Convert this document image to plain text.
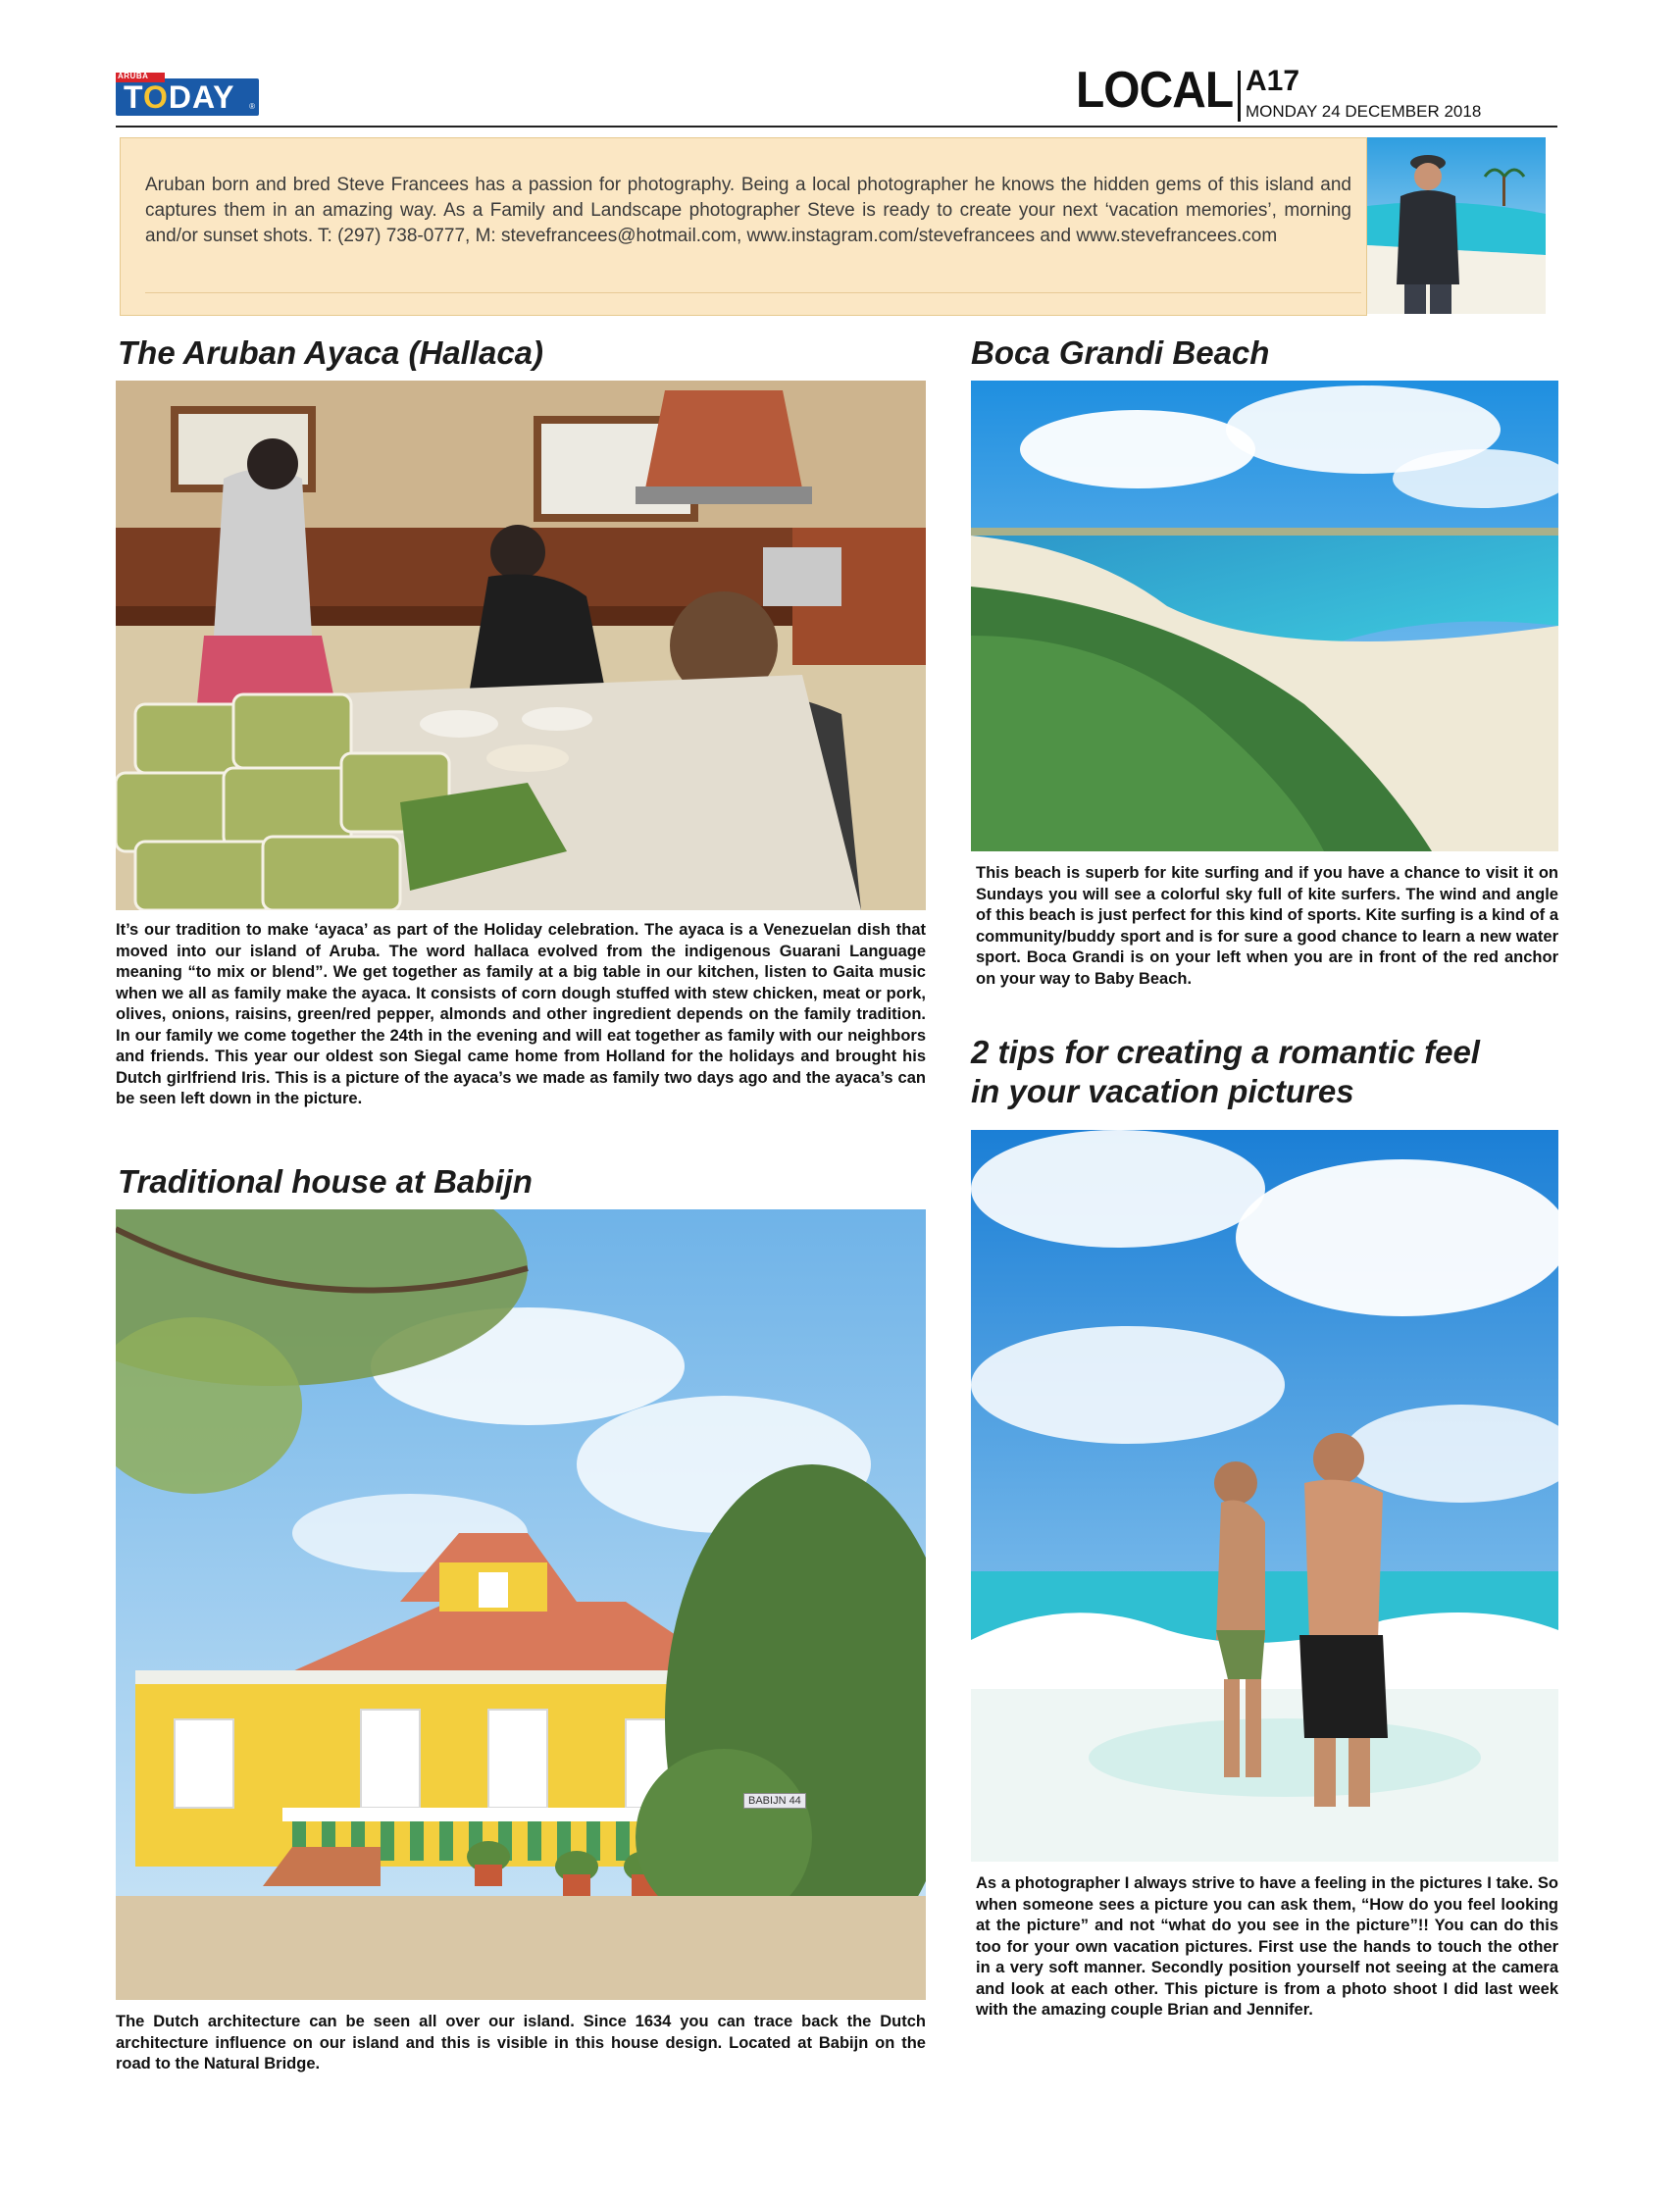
ARUBA
TODAY ®	LOCAL A17
MONDAY 24 DECEMBER 2018
Aruban born and bred Steve Francees has a passion for photography. Being a local photographer he knows the hidden gems of this island and captures them in an amazing way. As a Family and Landscape photographer Steve is ready to create your next ‘vacation memories’, morning and/or sunset shots. T: (297) 738-0777, M: stevefrancees@hotmail.com, www.instagram.com/stevefrancees and www.stevefrancees.com
The Aruban Ayaca (Hallaca)
It’s our tradition to make ‘ayaca’ as part of the Holiday celebration. The ayaca is a Venezuelan dish that moved into our island of Aruba. The word hallaca evolved from the indigenous Guarani Language meaning “to mix or blend”. We get together as family at a big table in our kitchen, listen to Gaita music when we all as family make the ayaca. It consists of corn dough stuffed with stew chicken, meat or pork, olives, onions, raisins, green/red pepper, almonds and other ingredient depends on the family tradition. In our family we come together the 24th in the evening and will eat together as family with our neighbors and friends. This year our oldest son Siegal came home from Holland for the holidays and brought his Dutch girlfriend Iris. This is a picture of the ayaca’s we made as family two days ago and the ayaca’s can be seen left down in the picture.
Traditional house at Babijn
BABIJN 44
The Dutch architecture can be seen all over our island. Since 1634 you can trace back the Dutch architecture influence on our island and this is visible in this house design. Located at Babijn on the road to the Natural Bridge.
Boca Grandi Beach
This beach is superb for kite surfing and if you have a chance to visit it on Sundays you will see a colorful sky full of kite surfers. The wind and angle of this beach is just perfect for this kind of sports. Kite surfing is a kind of a community/buddy sport and is for sure a good chance to learn a new water sport. Boca Grandi is on your left when you are in front of the red anchor on your way to Baby Beach.
2 tips for creating a romantic feel
in your vacation pictures
As a photographer I always strive to have a feeling in the pictures I take. So when someone sees a picture you can ask them, “How do you feel looking at the picture” and not “what do you see in the picture”!! You can do this too for your own vacation pictures. First use the hands to touch the other in a very soft manner. Secondly position yourself not seeing at the camera and look at each other. This picture is from a photo shoot I did last week with the amazing couple Brian and Jennifer.
